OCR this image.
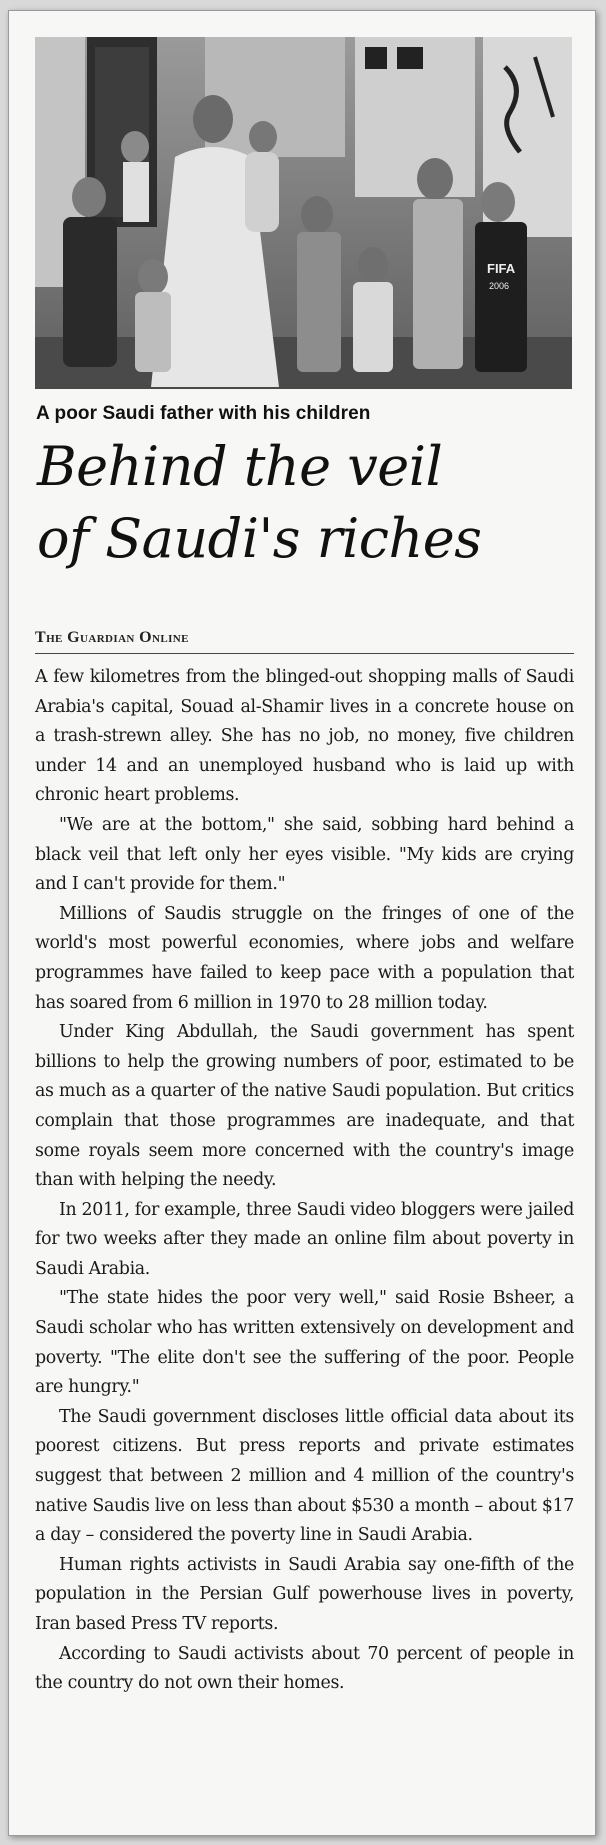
FIFA
2006
A poor Saudi father with his children
Behind the veil
of Saudi's riches
The Guardian Online

A few kilometres from the blinged-out shopping malls of Saudi Arabia's capital, Souad al-Shamir lives in a concrete house on a trash-strewn alley. She has no job, no money, five children under 14 and an unemployed husband who is laid up with chronic heart problems.

"We are at the bottom," she said, sobbing hard behind a black veil that left only her eyes visible. "My kids are crying and I can't provide for them."

Millions of Saudis struggle on the fringes of one of the world's most powerful economies, where jobs and welfare programmes have failed to keep pace with a population that has soared from 6 million in 1970 to 28 million today.

Under King Abdullah, the Saudi government has spent billions to help the growing numbers of poor, estimated to be as much as a quarter of the native Saudi population. But critics complain that those programmes are inadequate, and that some royals seem more concerned with the country's image than with helping the needy.

In 2011, for example, three Saudi video bloggers were jailed for two weeks after they made an online film about poverty in Saudi Arabia.

"The state hides the poor very well," said Rosie Bsheer, a Saudi scholar who has written extensively on development and poverty. "The elite don't see the suffering of the poor. People are hungry."

The Saudi government discloses little official data about its poorest citizens. But press reports and private estimates suggest that between 2 million and 4 million of the country's native Saudis live on less than about $530 a month – about $17 a day – considered the poverty line in Saudi Arabia.

Human rights activists in Saudi Arabia say one-fifth of the population in the Persian Gulf powerhouse lives in poverty, Iran based Press TV reports.

According to Saudi activists about 70 percent of people in the country do not own their homes.
